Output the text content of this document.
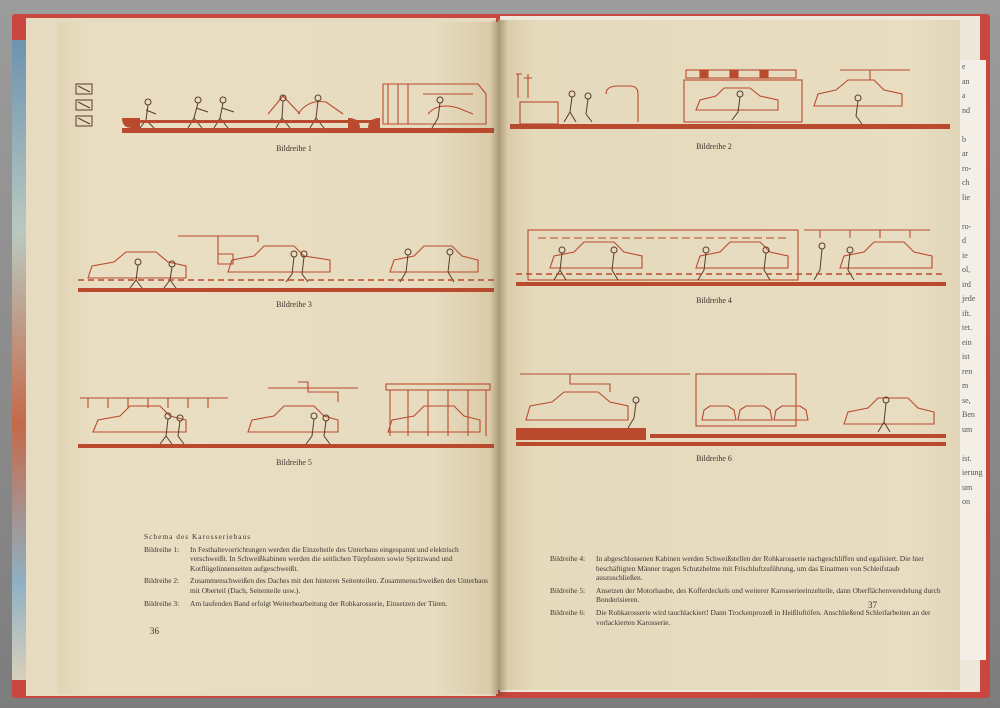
e
an
a
nd

b
ar
ro-
ch
lie

ro-
d
ie
ol,
ird
jede
ift.
tet.
ein
ist
ren
m
se,
Ben
um

ist.
ierung
um
on
Bildreihe 1
Bildreihe 3
Bildreihe 5
Schema des Karosseriebaus
Bildreihe 1:	In Festhaltevorrichtungen werden die Einzelteile des Unterbaus eingespannt und elektrisch verschweißt. In Schweißkabinen werden die seitlichen Türpfosten sowie Spritzwand und Kotflügelinnenseiten aufgeschweißt.
Bildreihe 2:	Zusammenschweißen des Daches mit den hinteren Seitenteilen. Zusammenschweißen des Unterbaus mit Oberteil (Dach, Seitenteile usw.).
Bildreihe 3:	Am laufenden Band erfolgt Weiterbearbeitung der Rohkarosserie, Einsetzen der Türen.
36
Bildreihe 2
Bildreihe 4
Bildreihe 6
Bildreihe 4:	In abgeschlossenen Kabinen werden Schweißstellen der Rohkarosserie nachgeschliffen und egalisiert. Die hier beschäftigten Männer tragen Schutzhelme mit Frischluftzuführung, um das Einatmen von Schleifstaub auszuschließen.
Bildreihe 5:	Ansetzen der Motorhaube, des Kofferdeckels und weiterer Karosserieeinzelteile, dann Oberflächenveredelung durch Bonderisieren.
Bildreihe 6:	Die Rohkarosserie wird tauchlackiert! Dann Trockenprozeß in Heißluftöfen. Anschließend Schleifarbeiten an der vorlackierten Karosserie.
37
